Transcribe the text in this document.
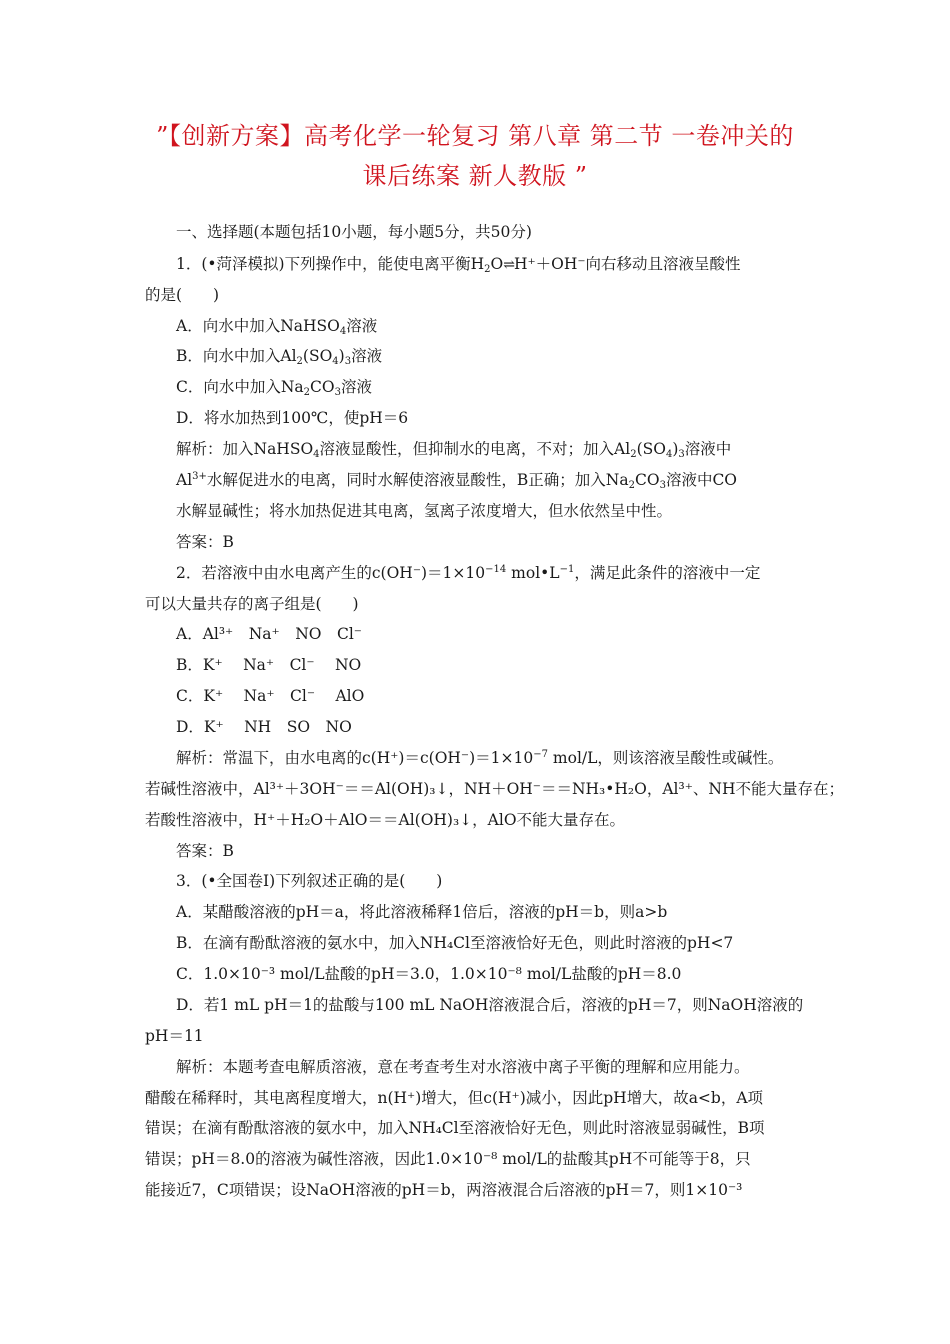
”【创新方案】高考化学一轮复习 第八章 第二节 一卷冲关的
课后练案 新人教版 ”
一、选择题(本题包括10小题，每小题5分，共50分)
1．(•菏泽模拟)下列操作中，能使电离平衡$H_2O\rightleftharpoons H^++OH^-$向右移动且溶液呈酸性
的是(　　)
A．向水中加入NaHSO$_4$溶液
B．向水中加入$Al_2(SO_4)_3$溶液
C．向水中加入$Na_2CO_3$溶液
D．将水加热到100℃，使pH＝6
解析：加入NaHSO$_4$溶液显酸性，但抑制水的电离，不对；加入$Al_2(SO_4)_3$溶液中
$Al^{3+}$水解促进水的电离，同时水解使溶液显酸性，B正确；加入$Na_2CO_3$溶液中CO
水解显碱性；将水加热促进其电离，氢离子浓度增大，但水依然呈中性。
答案：B
2．若溶液中由水电离产生的$c(OH^-)=1\times 10^{-14}$ $mol•L^{-1}$，满足此条件的溶液中一定
可以大量共存的离子组是(　　)
A．Al³⁺　Na⁺　NO　Cl⁻
B．K⁺　 Na⁺　Cl⁻　 NO
C．K⁺　 Na⁺　Cl⁻　 AlO
D．K⁺　 NH　SO　NO
解析：常温下，由水电离的$c(H^+)=c(OH^-)=1\times 10^{-7}$ mol/L，则该溶液呈酸性或碱性。
若碱性溶液中，Al³⁺＋3OH⁻＝＝Al(OH)₃↓，NH＋OH⁻＝＝NH₃•H₂O，Al³⁺、NH不能大量存在；
若酸性溶液中，H⁺＋H₂O＋AlO＝＝Al(OH)₃↓，AlO不能大量存在。
答案：B
3．(•全国卷Ⅰ)下列叙述正确的是(　　)
A．某醋酸溶液的pH＝a，将此溶液稀释1倍后，溶液的pH＝b，则a>b
B．在滴有酚酞溶液的氨水中，加入NH₄Cl至溶液恰好无色，则此时溶液的pH<7
C．1.0×10⁻³ mol/L盐酸的pH＝3.0，1.0×10⁻⁸ mol/L盐酸的pH＝8.0
D．若1 mL pH＝1的盐酸与100 mL NaOH溶液混合后，溶液的pH＝7，则NaOH溶液的
pH＝11
解析：本题考查电解质溶液，意在考查考生对水溶液中离子平衡的理解和应用能力。
醋酸在稀释时，其电离程度增大，n(H⁺)增大，但c(H⁺)减小，因此pH增大，故a<b，A项
错误；在滴有酚酞溶液的氨水中，加入NH₄Cl至溶液恰好无色，则此时溶液显弱碱性，B项
错误；pH＝8.0的溶液为碱性溶液，因此1.0×10⁻⁸ mol/L的盐酸其pH不可能等于8，只
能接近7，C项错误；设NaOH溶液的pH＝b，两溶液混合后溶液的pH＝7，则1×10⁻³
